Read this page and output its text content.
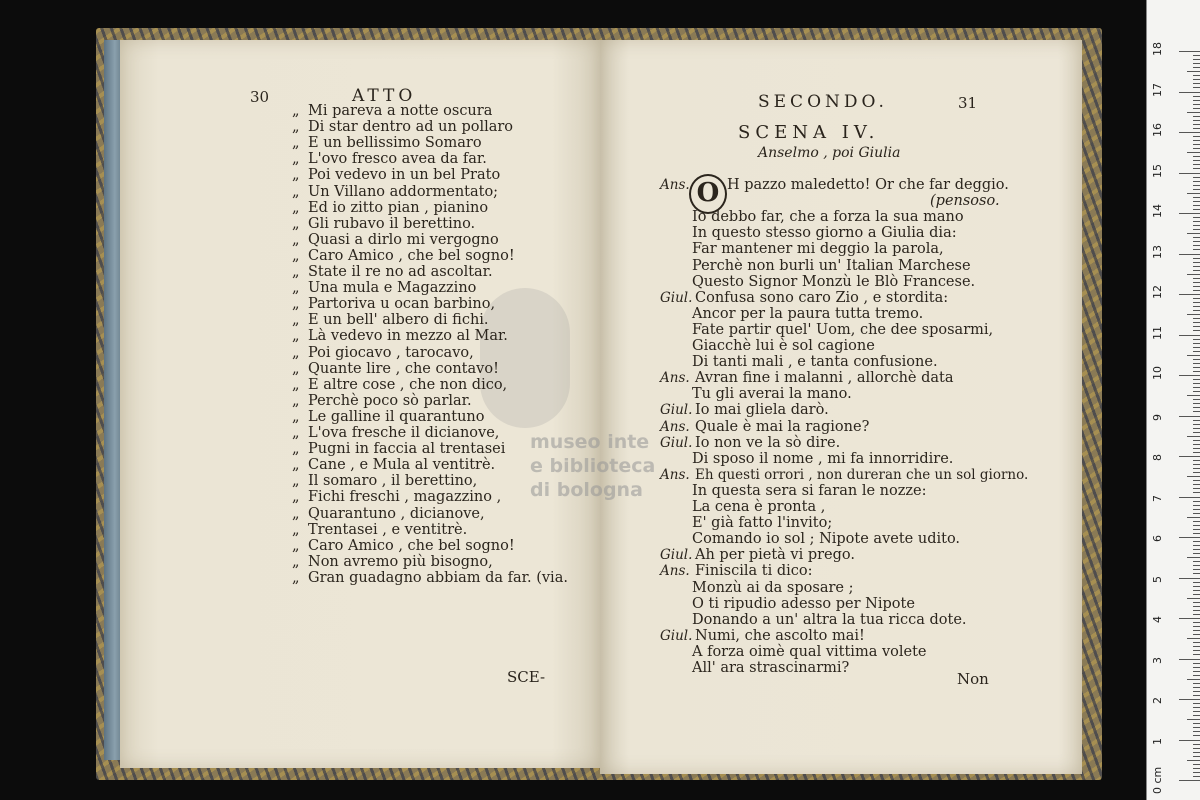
30	ATTO
„ Mi pareva a notte oscura
„ Di star dentro ad un pollaro
„ E un bellissimo Somaro
„ L'ovo fresco avea da far.
„ Poi vedevo in un bel Prato
„ Un Villano addormentato;
„ Ed io zitto pian , pianino
„ Gli rubavo il berettino.
„ Quasi a dirlo mi vergogno
„ Caro Amico , che bel sogno!
„ State il re no ad ascoltar.
„ Una mula e Magazzino
„ Partoriva u ocan barbino,
„ E un bell' albero di fichi.
„ Là vedevo in mezzo al Mar.
„ Poi giocavo , tarocavo,
„ Quante lire , che contavo!
„ E altre cose , che non dico,
„ Perchè poco sò parlar.
„ Le galline il quarantuno
„ L'ova fresche il dicianove,
„ Pugni in faccia al trentasei
„ Cane , e Mula al ventitrè.
„ Il somaro , il berettino,
„ Fichi freschi , magazzino ,
„ Quarantuno , dicianove,
„ Trentasei , e ventitrè.
„ Caro Amico , che bel sogno!
„ Non avremo più bisogno,
„ Gran guadagno abbiam da far. (via.
SCE-
SECONDO.	31
SCENA IV.
Anselmo , poi Giulia
O
Ans.	H pazzo maledetto! Or che far deggio.
(pensoso.
Io debbo far, che a forza la sua mano
In questo stesso giorno a Giulia dia:
Far mantener mi deggio la parola,
Perchè non burli un' Italian Marchese
Questo Signor Monzù le Blò Francese.
Giul. Confusa sono caro Zio , e stordita:
Ancor per la paura tutta tremo.
Fate partir quel' Uom, che dee sposarmi,
Giacchè lui è sol cagione
Di tanti mali , e tanta confusione.
Ans. Avran fine i malanni , allorchè data
Tu gli averai la mano.
Giul. Io mai gliela darò.
Ans. Quale è mai la ragione?
Giul. Io non ve la sò dire.
Di sposo il nome , mi fa innorridire.
Ans. Eh questi orrori , non dureran che un sol giorno.
In questa sera si faran le nozze:
La cena è pronta ,
E' già fatto l'invito;
Comando io sol ; Nipote avete udito.
Giul. Ah per pietà vi prego.
Ans. Finiscila ti dico:
Monzù ai da sposare ;
O ti ripudio adesso per Nipote
Donando a un' altra la tua ricca dote.
Giul. Numi, che ascolto mai!
A forza oimè qual vittima volete
All' ara strascinarmi?
Non
museo inte
e biblioteca
di bologna
0 cm
1
2
3
4
5
6
7
8
9
10
11
12
13
14
15
16
17
18
